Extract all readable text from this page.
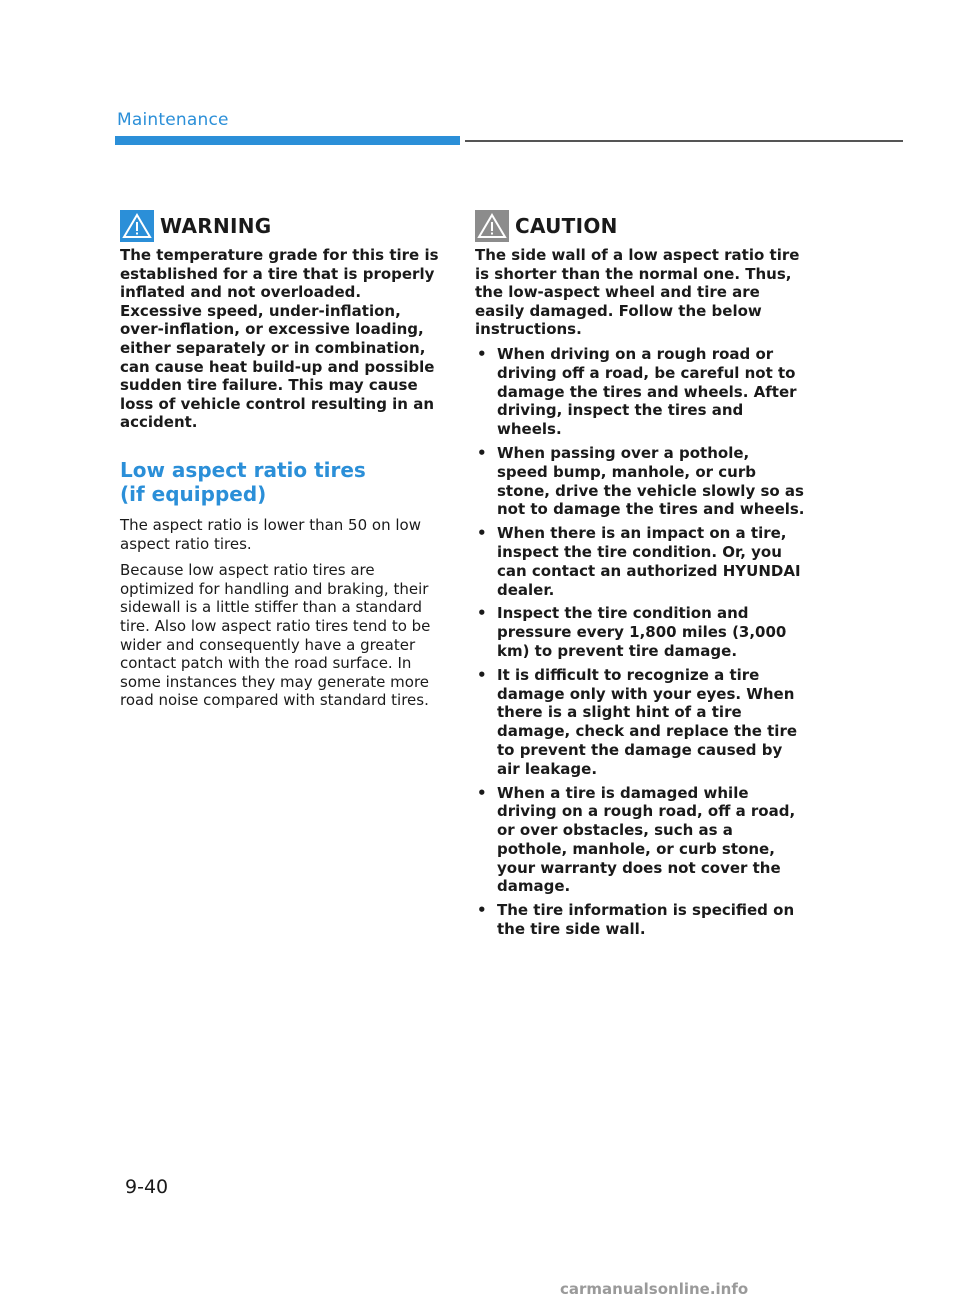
Maintenance
WARNING

The temperature grade for this tire is established for a tire that is properly inflated and not overloaded. Excessive speed, under-inflation, over-inflation, or excessive loading, either separately or in combination, can cause heat build-up and possible sudden tire failure. This may cause loss of vehicle control resulting in an accident.

Low aspect ratio tires
(if equipped)

The aspect ratio is lower than 50 on low aspect ratio tires.

Because low aspect ratio tires are optimized for handling and braking, their sidewall is a little stiffer than a standard tire. Also low aspect ratio tires tend to be wider and consequently have a greater contact patch with the road surface. In some instances they may generate more road noise compared with standard tires.

CAUTION

The side wall of a low aspect ratio tire is shorter than the normal one. Thus, the low-aspect wheel and tire are easily damaged. Follow the below instructions.

• When driving on a rough road or driving off a road, be careful not to damage the tires and wheels. After driving, inspect the tires and wheels.
• When passing over a pothole, speed bump, manhole, or curb stone, drive the vehicle slowly so as not to damage the tires and wheels.
• When there is an impact on a tire, inspect the tire condition. Or, you can contact an authorized HYUNDAI dealer.
• Inspect the tire condition and pressure every 1,800 miles (3,000 km) to prevent tire damage.
• It is difficult to recognize a tire damage only with your eyes. When there is a slight hint of a tire damage, check and replace the tire to prevent the damage caused by air leakage.
• When a tire is damaged while driving on a rough road, off a road, or over obstacles, such as a pothole, manhole, or curb stone, your warranty does not cover the damage.
• The tire information is specified on the tire side wall.
9-40
carmanualsonline.info
